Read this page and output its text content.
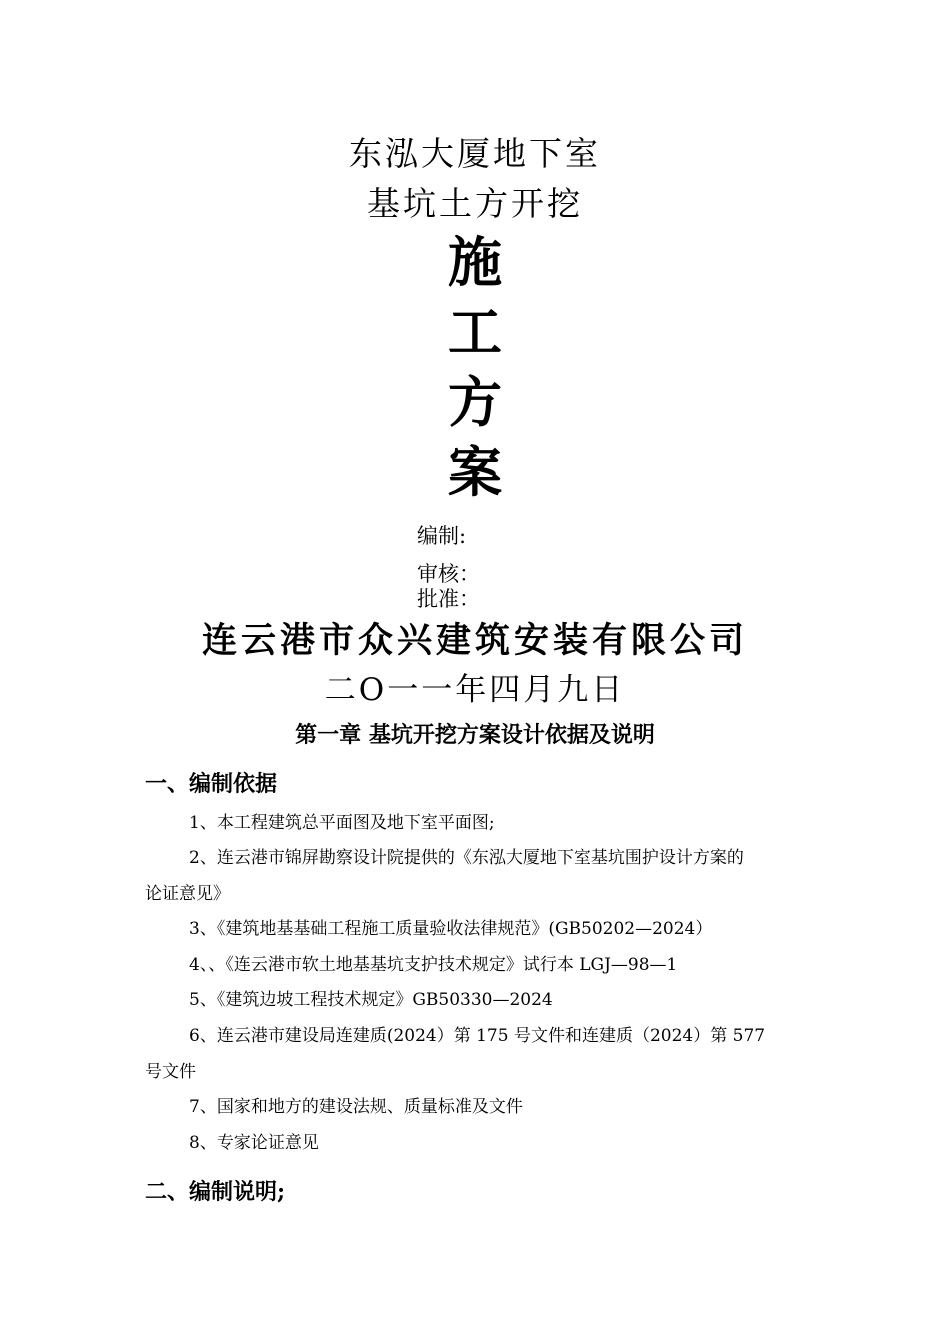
东泓大厦地下室
基坑土方开挖
施
工
方
案
编制:
审核：
批准：
连云港市众兴建筑安装有限公司
二O一一年四月九日
第一章 基坑开挖方案设计依据及说明
一、编制依据
1、本工程建筑总平面图及地下室平面图;
2、连云港市锦屏勘察设计院提供的《东泓大厦地下室基坑围护设计方案的
论证意见》
3、《建筑地基基础工程施工质量验收法律规范》(GB50202—2024）
4、、《连云港市软土地基基坑支护技术规定》试行本 LGJ—98—1
5、《建筑边坡工程技术规定》GB50330—2024
6、连云港市建设局连建质(2024）第 175 号文件和连建质（2024）第 577
号文件
7、国家和地方的建设法规、质量标准及文件
8、专家论证意见
二、编制说明;
